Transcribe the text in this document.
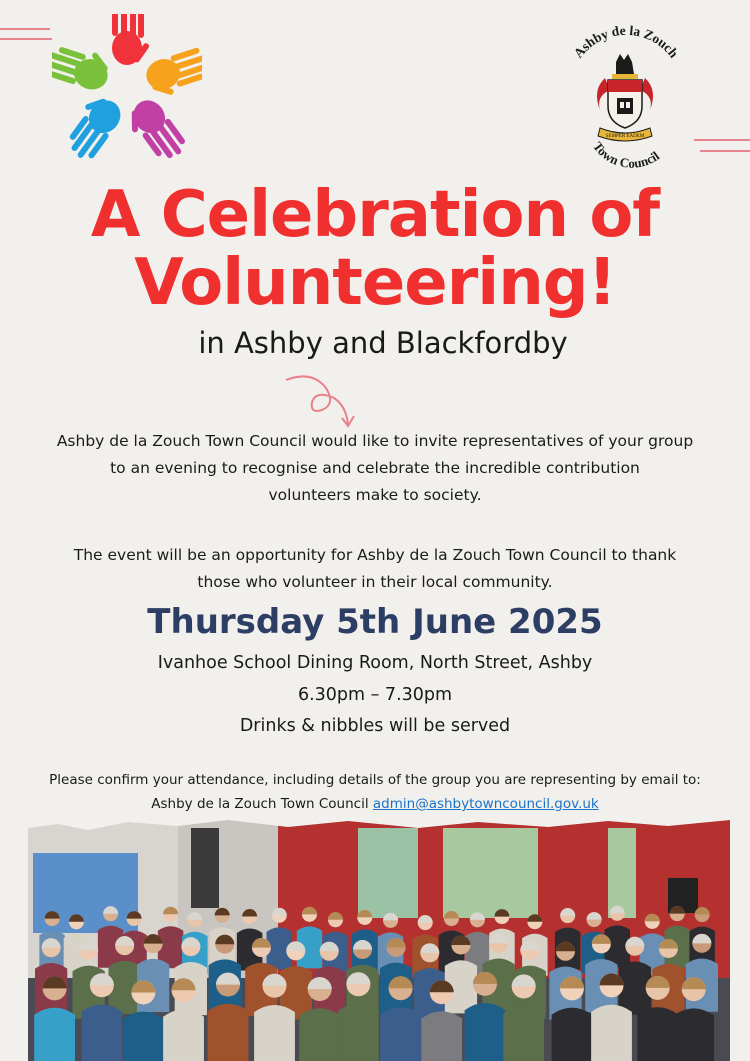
Ashby de la Zouch
Town Council
SEMPER EADEM
A Celebration of
Volunteering!
in Ashby and Blackfordby

Ashby de la Zouch Town Council would like to invite representatives of your group
to an evening to recognise and celebrate the incredible contribution
volunteers make to society.

The event will be an opportunity for Ashby de la Zouch Town Council to thank
those who volunteer in their local community.

Thursday 5th June 2025
Ivanhoe School Dining Room, North Street, Ashby
6.30pm – 7.30pm
Drinks & nibbles will be served
Please confirm your attendance, including details of the group you are representing by email to:
Ashby de la Zouch Town Council admin@ashbytowncouncil.gov.uk
